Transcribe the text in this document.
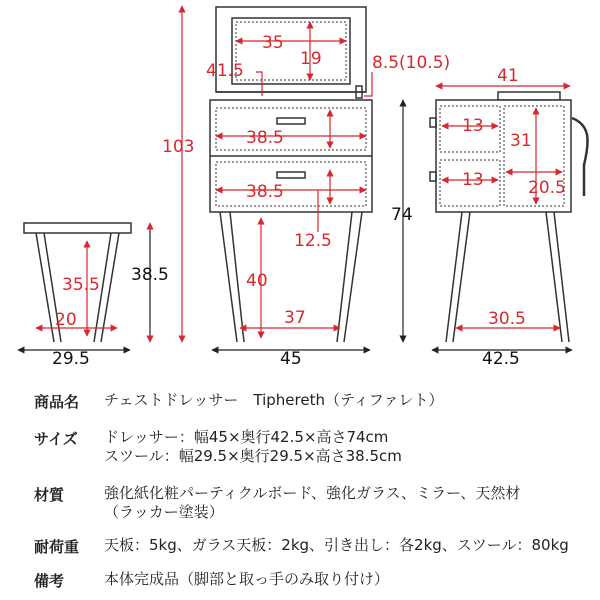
35.5
20
38.5
29.5
35
19
41.5	8.5(10.5)
38.5
38.5
12.5
40
37
103
45
41
13
13
31
20.5
74
30.5
42.5
商品名 チェストドレッサー　Tiphereth（ティファレト）
サイズ ドレッサー：幅45×奥行42.5×高さ74cm
スツール：幅29.5×奥行29.5×高さ38.5cm
材質	強化紙化粧パーティクルボード、強化ガラス、ミラー、天然材
（ラッカー塗装）
耐荷重 天板：5kg、ガラス天板：2kg、引き出し：各2kg、スツール：80kg
備考	本体完成品（脚部と取っ手のみ取り付け）
